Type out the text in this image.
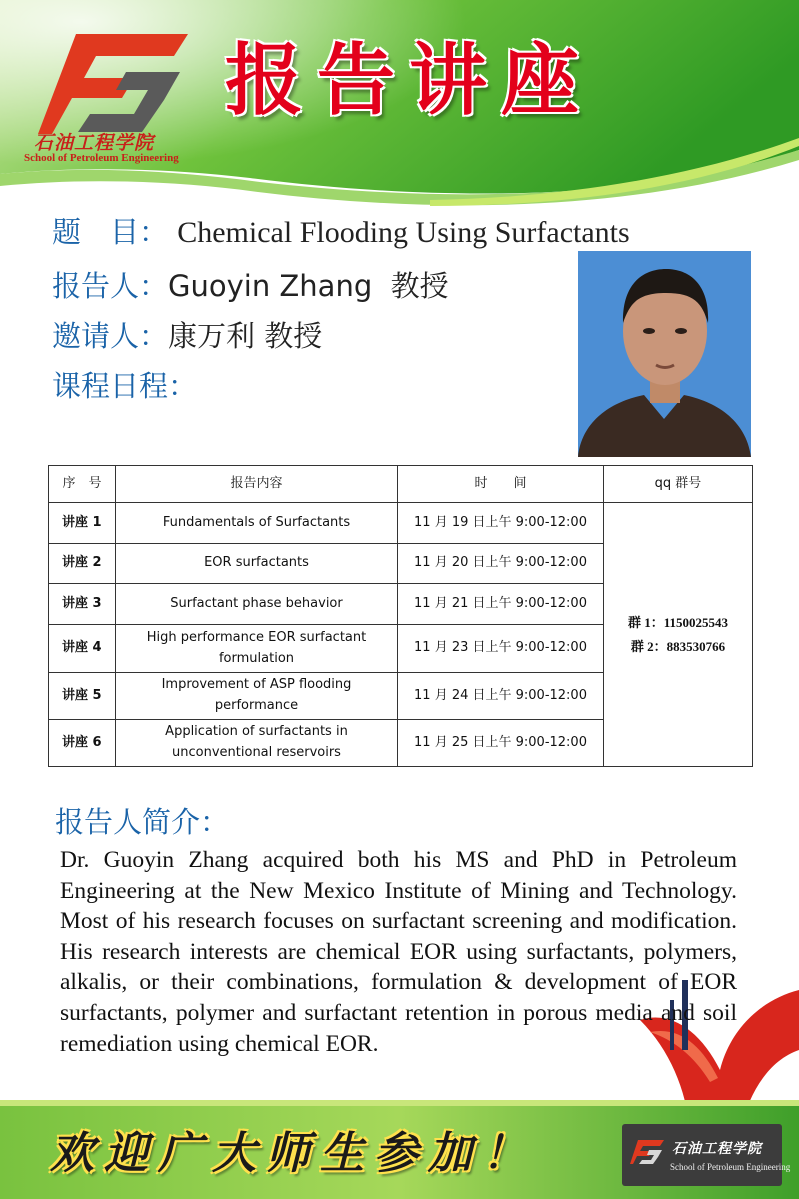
石油工程学院
School of Petroleum Engineering
报告讲座
题　目： Chemical Flooding Using Surfactants
报告人：Guoyin Zhang  教授
邀请人：康万利 教授
课程日程：
序　号	报告内容	时　　间	qq 群号
讲座 1	Fundamentals of Surfactants	11 月 19 日上午 9:00-12:00	群 1：1150025543
群 2：883530766

讲座 2	EOR surfactants	11 月 20 日上午 9:00-12:00	
讲座 3	Surfactant phase behavior	11 月 21 日上午 9:00-12:00	
讲座 4	High performance EOR surfactant formulation	11 月 23 日上午 9:00-12:00	
讲座 5	Improvement of ASP flooding performance	11 月 24 日上午 9:00-12:00	
讲座 6	Application of surfactants in unconventional reservoirs	11 月 25 日上午 9:00-12:00	
报告人简介：

Dr. Guoyin Zhang acquired both his MS and PhD in Petroleum Engineering at the New Mexico Institute of Mining and Technology. Most of his research focuses on surfactant screening and modification. His research interests are chemical EOR using surfactants, polymers, alkalis, or their combinations, formulation & development of EOR surfactants, polymer and surfactant retention in porous media and soil remediation using chemical EOR.

欢迎广大师生参加！	石油工程学院
School of Petroleum Engineering
